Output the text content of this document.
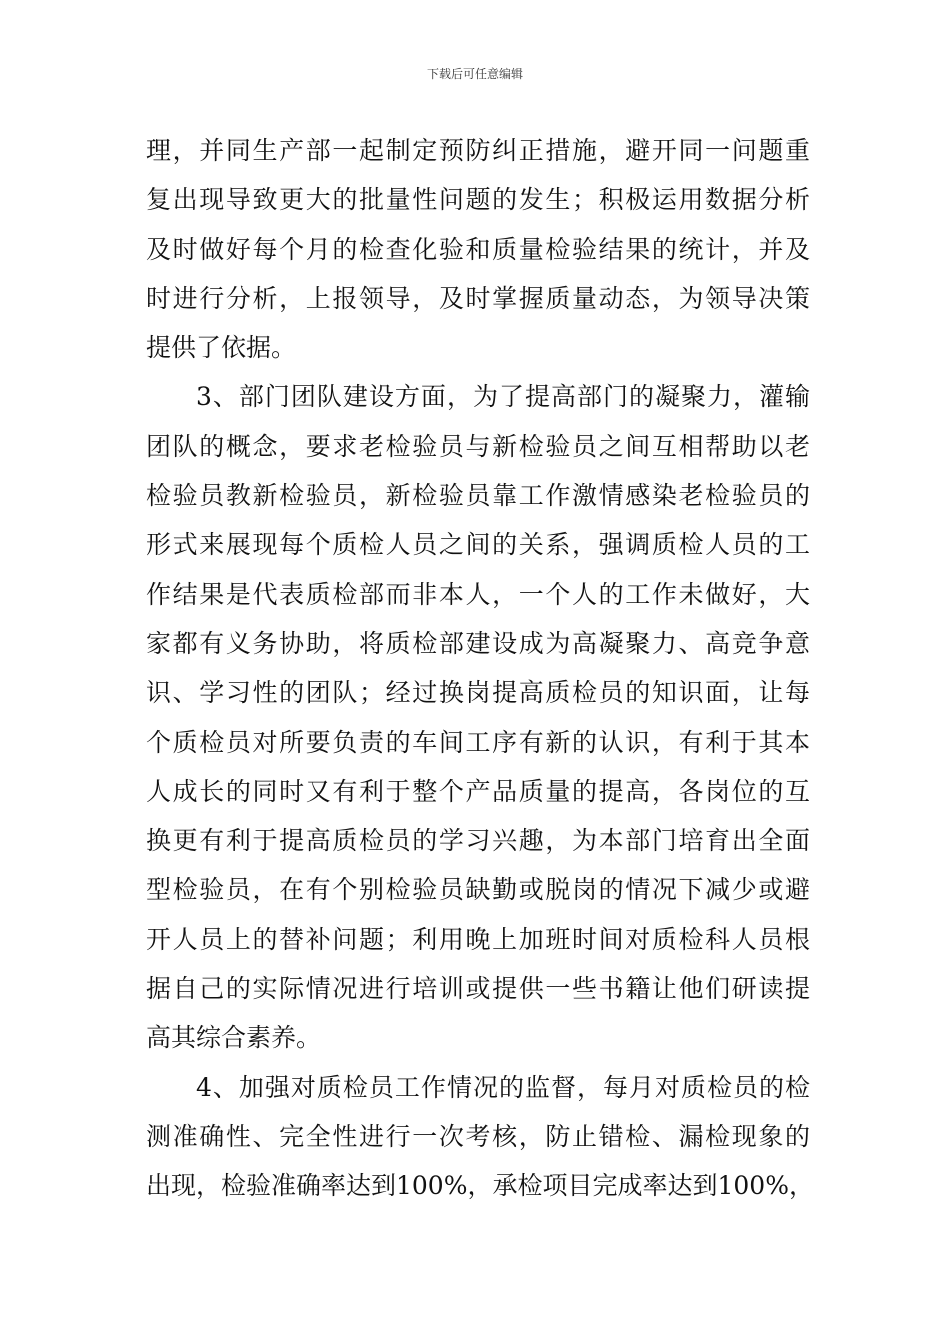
下载后可任意编辑
理，并同生产部一起制定预防纠正措施，避开同一问题重
复出现导致更大的批量性问题的发生；积极运用数据分析
及时做好每个月的检查化验和质量检验结果的统计，并及
时进行分析，上报领导，及时掌握质量动态，为领导决策
提供了依据。
3、部门团队建设方面，为了提高部门的凝聚力，灌输
团队的概念，要求老检验员与新检验员之间互相帮助以老
检验员教新检验员，新检验员靠工作激情感染老检验员的
形式来展现每个质检人员之间的关系，强调质检人员的工
作结果是代表质检部而非本人，一个人的工作未做好，大
家都有义务协助，将质检部建设成为高凝聚力、高竞争意
识、学习性的团队；经过换岗提高质检员的知识面，让每
个质检员对所要负责的车间工序有新的认识，有利于其本
人成长的同时又有利于整个产品质量的提高，各岗位的互
换更有利于提高质检员的学习兴趣，为本部门培育出全面
型检验员，在有个别检验员缺勤或脱岗的情况下减少或避
开人员上的替补问题；利用晚上加班时间对质检科人员根
据自己的实际情况进行培训或提供一些书籍让他们研读提
高其综合素养。
4、加强对质检员工作情况的监督，每月对质检员的检
测准确性、完全性进行一次考核，防止错检、漏检现象的
出现，检验准确率达到100%，承检项目完成率达到100%，
